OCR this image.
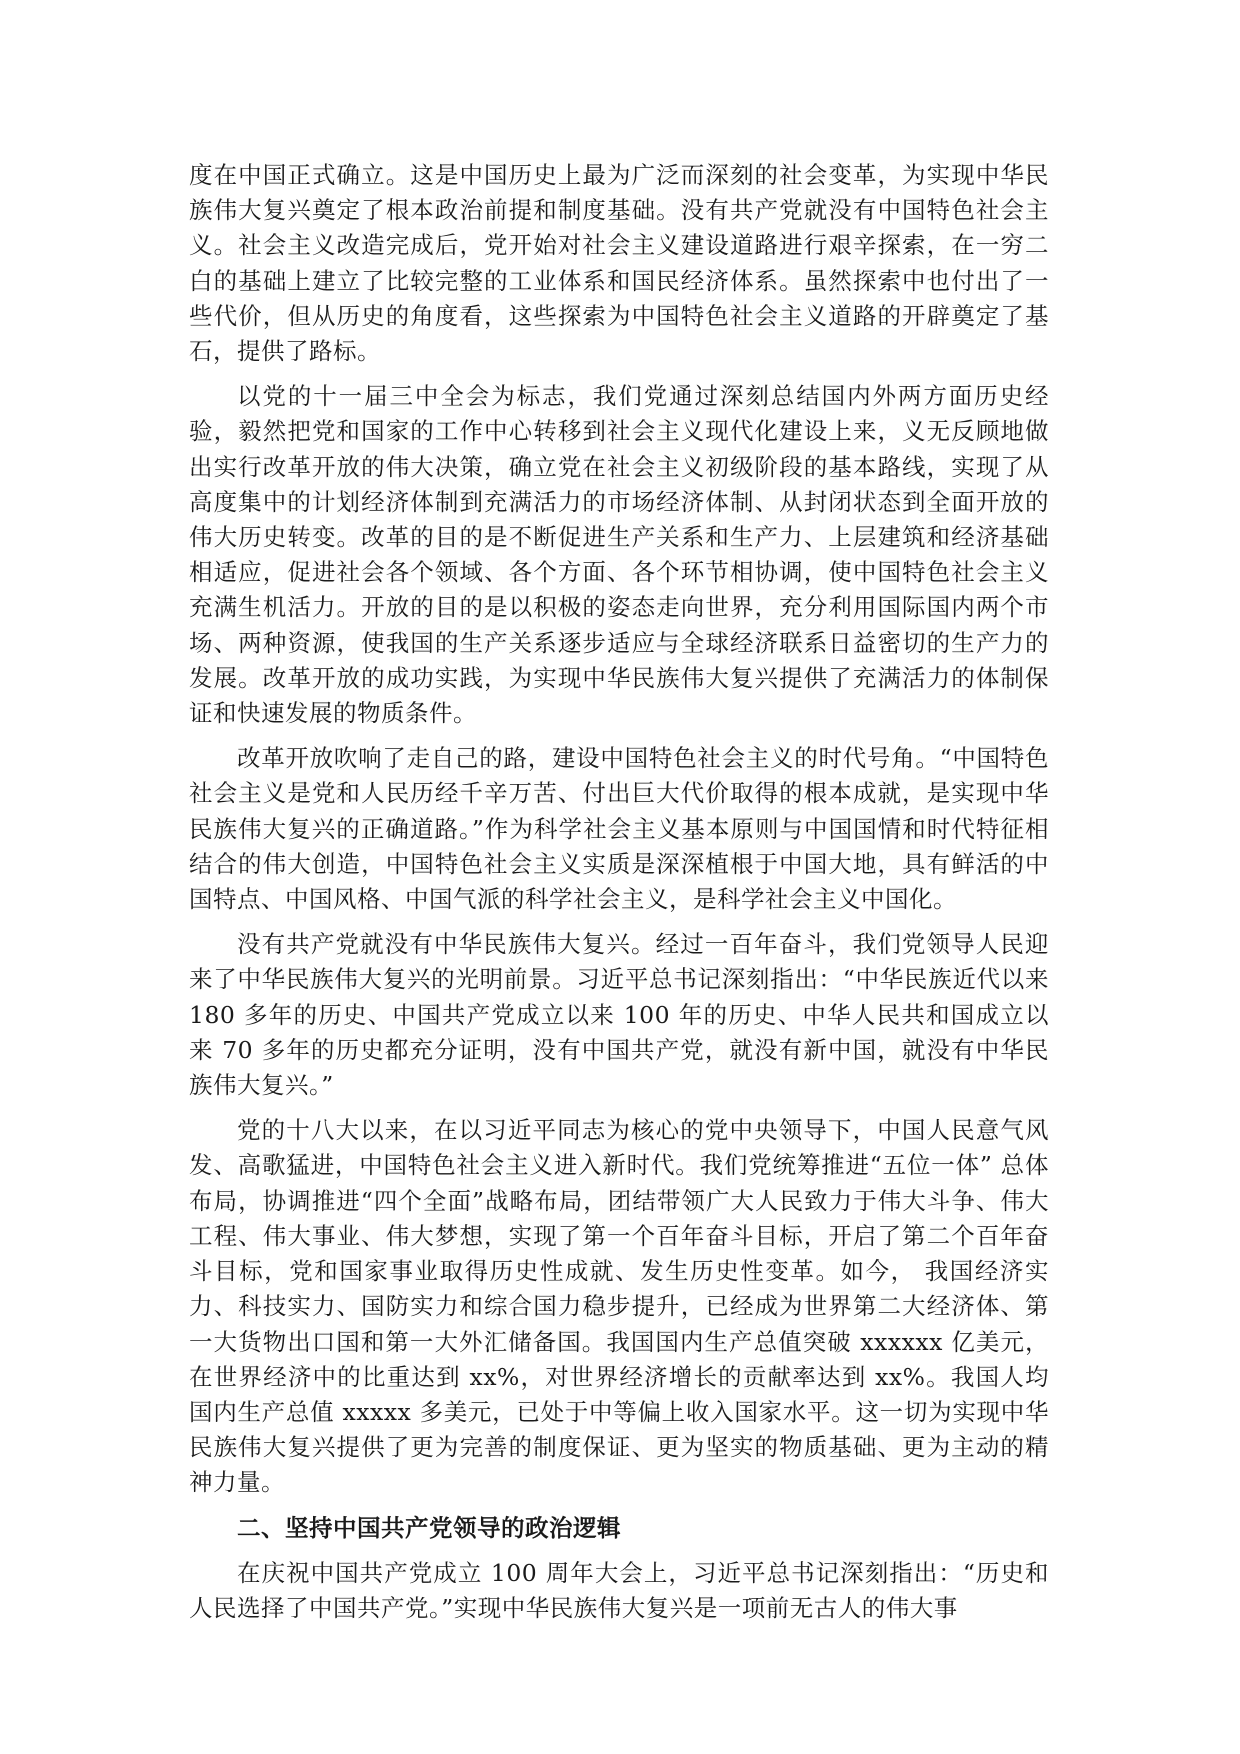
度在中国正式确立。这是中国历史上最为广泛而深刻的社会变革，为实现中华民族伟大复兴奠定了根本政治前提和制度基础。没有共产党就没有中国特色社会主义。社会主义改造完成后，党开始对社会主义建设道路进行艰辛探索，在一穷二白的基础上建立了比较完整的工业体系和国民经济体系。虽然探索中也付出了一些代价，但从历史的角度看，这些探索为中国特色社会主义道路的开辟奠定了基石，提供了路标。

以党的十一届三中全会为标志，我们党通过深刻总结国内外两方面历史经验，毅然把党和国家的工作中心转移到社会主义现代化建设上来，义无反顾地做出实行改革开放的伟大决策，确立党在社会主义初级阶段的基本路线，实现了从高度集中的计划经济体制到充满活力的市场经济体制、从封闭状态到全面开放的伟大历史转变。改革的目的是不断促进生产关系和生产力、上层建筑和经济基础相适应，促进社会各个领域、各个方面、各个环节相协调，使中国特色社会主义充满生机活力。开放的目的是以积极的姿态走向世界，充分利用国际国内两个市场、两种资源，使我国的生产关系逐步适应与全球经济联系日益密切的生产力的发展。改革开放的成功实践，为实现中华民族伟大复兴提供了充满活力的体制保证和快速发展的物质条件。

改革开放吹响了走自己的路，建设中国特色社会主义的时代号角。“中国特色社会主义是党和人民历经千辛万苦、付出巨大代价取得的根本成就，是实现中华民族伟大复兴的正确道路。”作为科学社会主义基本原则与中国国情和时代特征相结合的伟大创造，中国特色社会主义实质是深深植根于中国大地，具有鲜活的中国特点、中国风格、中国气派的科学社会主义，是科学社会主义中国化。

没有共产党就没有中华民族伟大复兴。经过一百年奋斗，我们党领导人民迎来了中华民族伟大复兴的光明前景。习近平总书记深刻指出：“中华民族近代以来 180 多年的历史、中国共产党成立以来 100 年的历史、中华人民共和国成立以来 70 多年的历史都充分证明，没有中国共产党，就没有新中国，就没有中华民族伟大复兴。”

党的十八大以来，在以习近平同志为核心的党中央领导下，中国人民意气风发、高歌猛进，中国特色社会主义进入新时代。我们党统筹推进“五位一体” 总体布局，协调推进“四个全面”战略布局，团结带领广大人民致力于伟大斗争、伟大工程、伟大事业、伟大梦想，实现了第一个百年奋斗目标，开启了第二个百年奋斗目标，党和国家事业取得历史性成就、发生历史性变革。如今， 我国经济实力、科技实力、国防实力和综合国力稳步提升，已经成为世界第二大经济体、第一大货物出口国和第一大外汇储备国。我国国内生产总值突破 xxxxxx 亿美元，在世界经济中的比重达到 xx%，对世界经济增长的贡献率达到 xx%。我国人均国内生产总值 xxxxx 多美元，已处于中等偏上收入国家水平。这一切为实现中华民族伟大复兴提供了更为完善的制度保证、更为坚实的物质基础、更为主动的精神力量。

二、坚持中国共产党领导的政治逻辑

在庆祝中国共产党成立 100 周年大会上，习近平总书记深刻指出：“历史和人民选择了中国共产党。”实现中华民族伟大复兴是一项前无古人的伟大事
